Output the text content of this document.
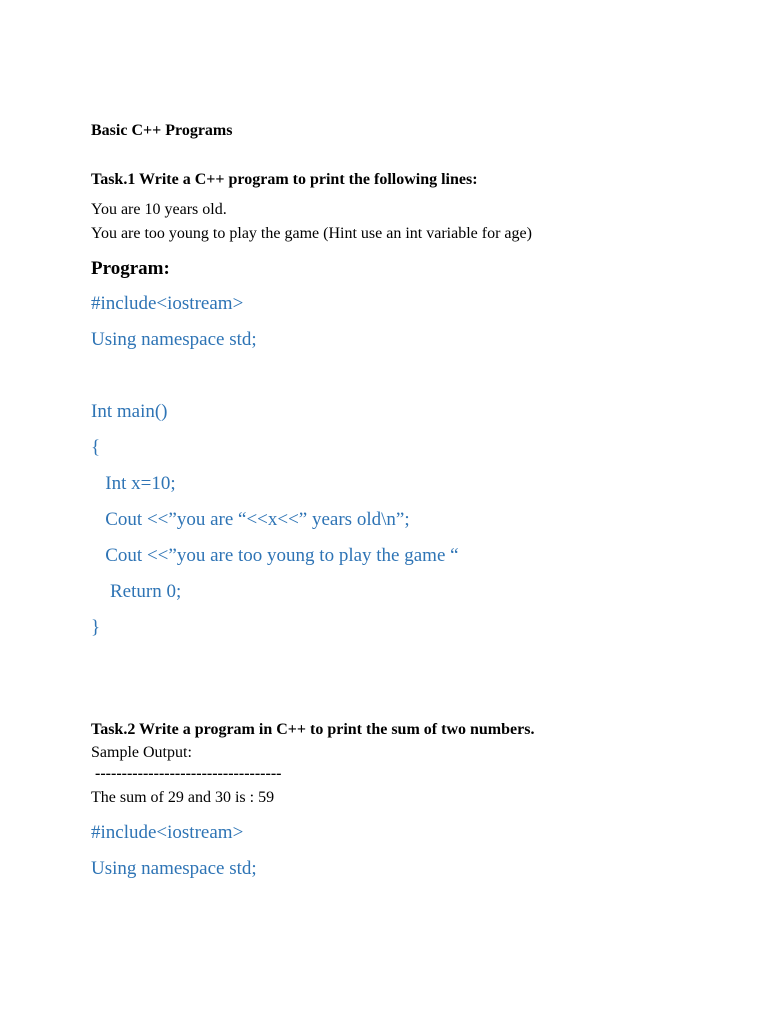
Basic C++ Programs
Task.1 Write a C++ program to print the following lines:
You are 10 years old.
You are too young to play the game (Hint use an int variable for age)
Program:
#include<iostream>
Using namespace std;
Int main()
{
Int x=10;
Cout <<”you are “<<x<<” years old\n”;
Cout <<”you are too young to play the game “
Return 0;
}
Task.2 Write a program in C++ to print the sum of two numbers.
Sample Output:
-----------------------------------
The sum of 29 and 30 is : 59
#include<iostream>
Using namespace std;
